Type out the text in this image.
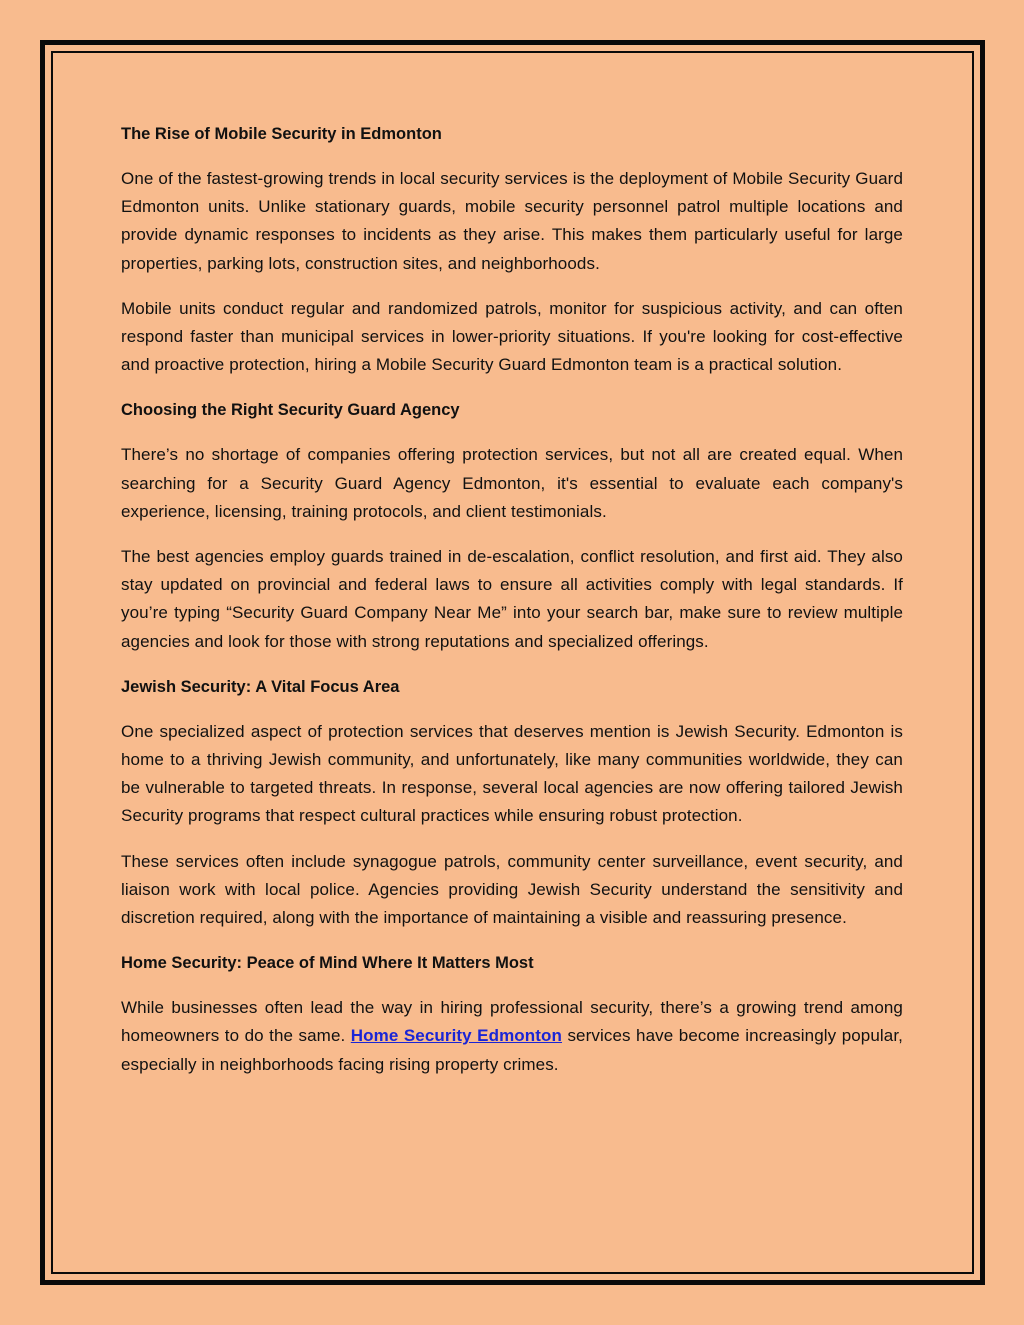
The Rise of Mobile Security in Edmonton

One of the fastest-growing trends in local security services is the deployment of Mobile Security Guard Edmonton units. Unlike stationary guards, mobile security personnel patrol multiple locations and provide dynamic responses to incidents as they arise. This makes them particularly useful for large properties, parking lots, construction sites, and neighborhoods.

Mobile units conduct regular and randomized patrols, monitor for suspicious activity, and can often respond faster than municipal services in lower-priority situations. If you're looking for cost-effective and proactive protection, hiring a Mobile Security Guard Edmonton team is a practical solution.

Choosing the Right Security Guard Agency

There’s no shortage of companies offering protection services, but not all are created equal. When searching for a Security Guard Agency Edmonton, it's essential to evaluate each company's experience, licensing, training protocols, and client testimonials.

The best agencies employ guards trained in de-escalation, conflict resolution, and first aid. They also stay updated on provincial and federal laws to ensure all activities comply with legal standards. If you’re typing “Security Guard Company Near Me” into your search bar, make sure to review multiple agencies and look for those with strong reputations and specialized offerings.

Jewish Security: A Vital Focus Area

One specialized aspect of protection services that deserves mention is Jewish Security. Edmonton is home to a thriving Jewish community, and unfortunately, like many communities worldwide, they can be vulnerable to targeted threats. In response, several local agencies are now offering tailored Jewish Security programs that respect cultural practices while ensuring robust protection.

These services often include synagogue patrols, community center surveillance, event security, and liaison work with local police. Agencies providing Jewish Security understand the sensitivity and discretion required, along with the importance of maintaining a visible and reassuring presence.

Home Security: Peace of Mind Where It Matters Most

While businesses often lead the way in hiring professional security, there’s a growing trend among homeowners to do the same. Home Security Edmonton services have become increasingly popular, especially in neighborhoods facing rising property crimes.
